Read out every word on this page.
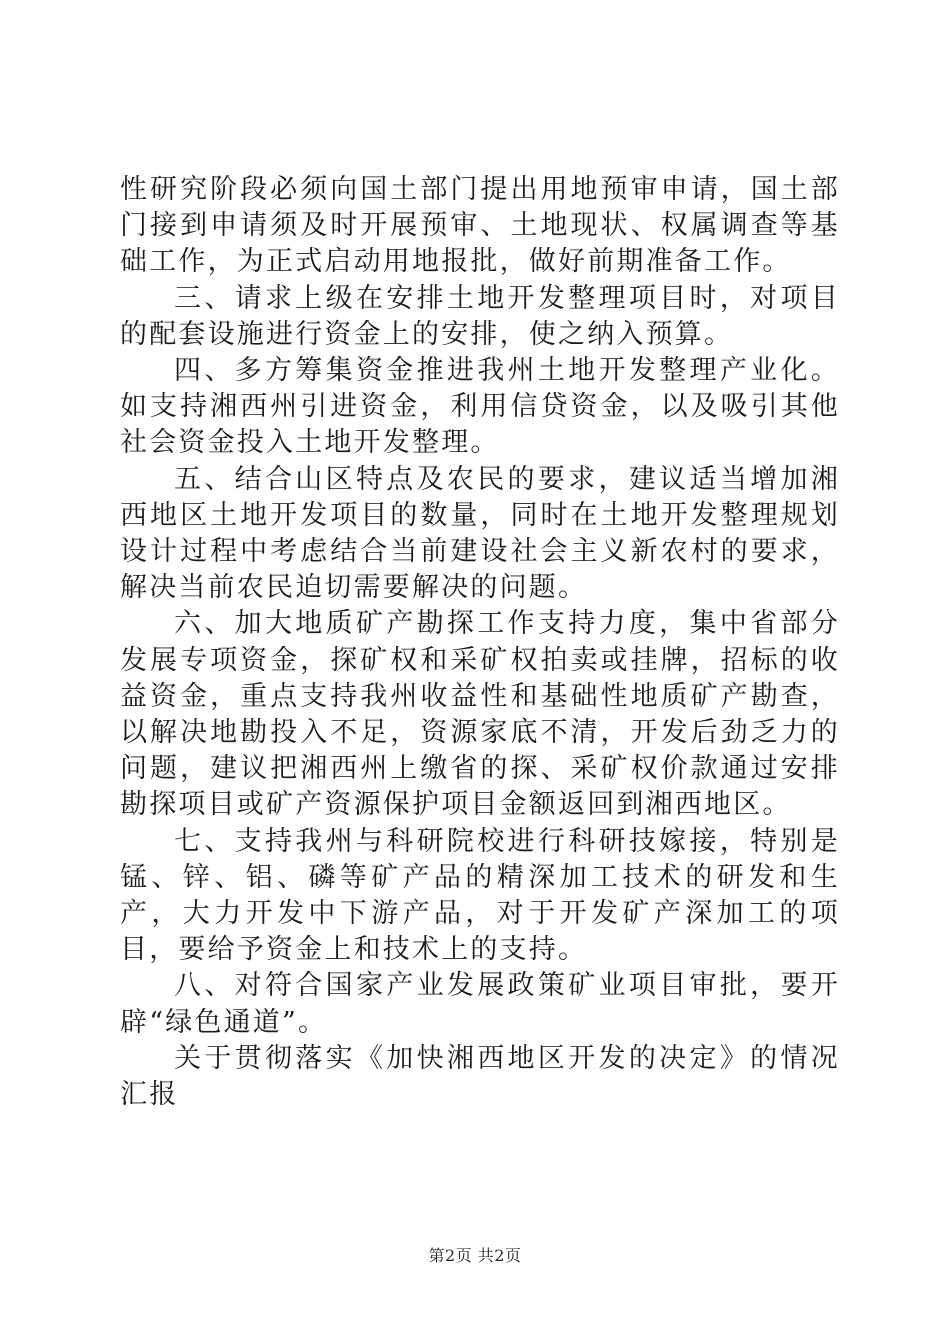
性研究阶段必须向国土部门提出用地预审申请，国土部门接到申请须及时开展预审、土地现状、权属调查等基础工作，为正式启动用地报批，做好前期准备工作。

三、请求上级在安排土地开发整理项目时，对项目的配套设施进行资金上的安排，使之纳入预算。

四、多方筹集资金推进我州土地开发整理产业化。如支持湘西州引进资金，利用信贷资金，以及吸引其他社会资金投入土地开发整理。

五、结合山区特点及农民的要求，建议适当增加湘西地区土地开发项目的数量，同时在土地开发整理规划设计过程中考虑结合当前建设社会主义新农村的要求，解决当前农民迫切需要解决的问题。

六、加大地质矿产勘探工作支持力度，集中省部分发展专项资金，探矿权和采矿权拍卖或挂牌，招标的收益资金，重点支持我州收益性和基础性地质矿产勘查，以解决地勘投入不足，资源家底不清，开发后劲乏力的问题，建议把湘西州上缴省的探、采矿权价款通过安排勘探项目或矿产资源保护项目金额返回到湘西地区。

七、支持我州与科研院校进行科研技嫁接，特别是锰、锌、铝、磷等矿产品的精深加工技术的研发和生产，大力开发中下游产品，对于开发矿产深加工的项目，要给予资金上和技术上的支持。

八、对符合国家产业发展政策矿业项目审批，要开辟“绿色通道”。

关于贯彻落实《加快湘西地区开发的决定》的情况汇报

第2页 共2页
